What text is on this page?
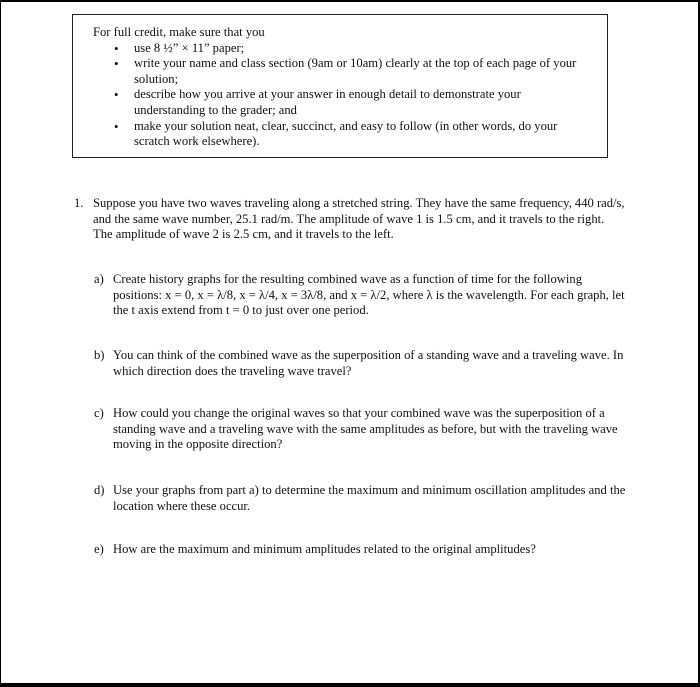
For full credit, make sure that you
• use 8 ½” × 11” paper;
• write your name and class section (9am or 10am) clearly at the top of each page of your solution;
• describe how you arrive at your answer in enough detail to demonstrate your understanding to the grader; and
• make your solution neat, clear, succinct, and easy to follow (in other words, do your scratch work elsewhere).
1. Suppose you have two waves traveling along a stretched string. They have the same frequency, 440 rad/s, and the same wave number, 25.1 rad/m. The amplitude of wave 1 is 1.5 cm, and it travels to the right. The amplitude of wave 2 is 2.5 cm, and it travels to the left.
a) Create history graphs for the resulting combined wave as a function of time for the following positions: x = 0, x = λ/8, x = λ/4, x = 3λ/8, and x = λ/2, where λ is the wavelength. For each graph, let the t axis extend from t = 0 to just over one period.
b) You can think of the combined wave as the superposition of a standing wave and a traveling wave. In which direction does the traveling wave travel?
c) How could you change the original waves so that your combined wave was the superposition of a standing wave and a traveling wave with the same amplitudes as before, but with the traveling wave moving in the opposite direction?
d) Use your graphs from part a) to determine the maximum and minimum oscillation amplitudes and the location where these occur.
e) How are the maximum and minimum amplitudes related to the original amplitudes?
